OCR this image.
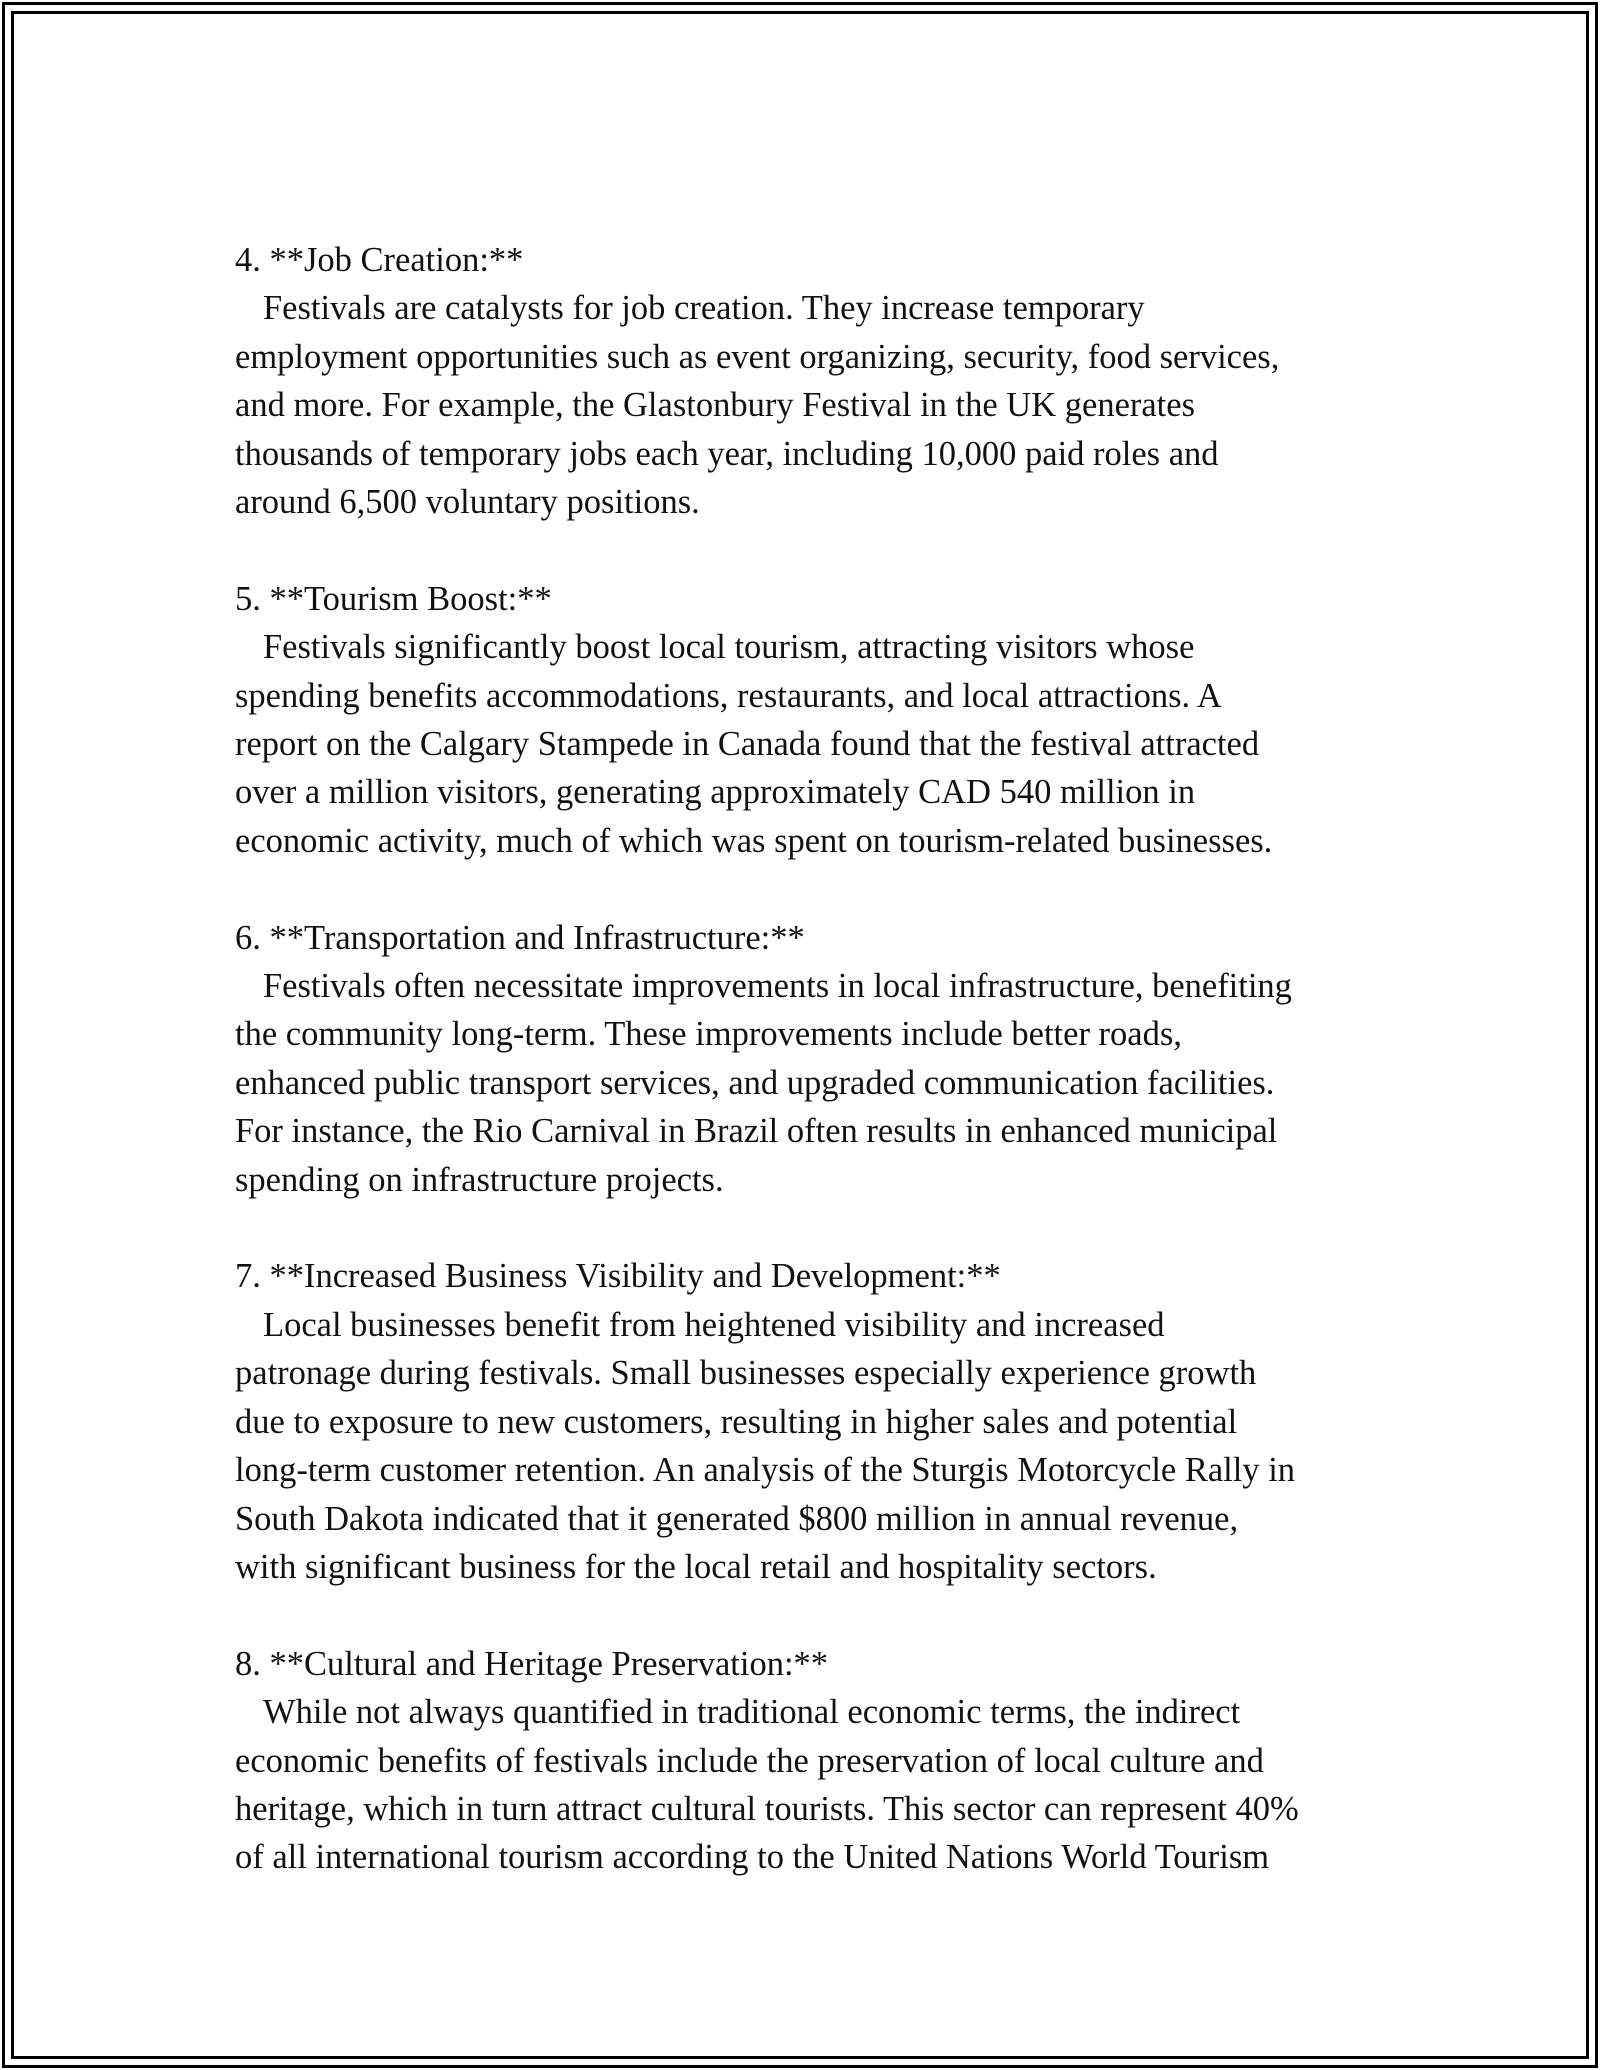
4. **Job Creation:**

Festivals are catalysts for job creation. They increase temporary
employment opportunities such as event organizing, security, food services,
and more. For example, the Glastonbury Festival in the UK generates
thousands of temporary jobs each year, including 10,000 paid roles and
around 6,500 voluntary positions.

5. **Tourism Boost:**

Festivals significantly boost local tourism, attracting visitors whose
spending benefits accommodations, restaurants, and local attractions. A
report on the Calgary Stampede in Canada found that the festival attracted
over a million visitors, generating approximately CAD 540 million in
economic activity, much of which was spent on tourism-related businesses.

6. **Transportation and Infrastructure:**

Festivals often necessitate improvements in local infrastructure, benefiting
the community long-term. These improvements include better roads,
enhanced public transport services, and upgraded communication facilities.
For instance, the Rio Carnival in Brazil often results in enhanced municipal
spending on infrastructure projects.

7. **Increased Business Visibility and Development:**

Local businesses benefit from heightened visibility and increased
patronage during festivals. Small businesses especially experience growth
due to exposure to new customers, resulting in higher sales and potential
long-term customer retention. An analysis of the Sturgis Motorcycle Rally in
South Dakota indicated that it generated $800 million in annual revenue,
with significant business for the local retail and hospitality sectors.

8. **Cultural and Heritage Preservation:**

While not always quantified in traditional economic terms, the indirect
economic benefits of festivals include the preservation of local culture and
heritage, which in turn attract cultural tourists. This sector can represent 40%
of all international tourism according to the United Nations World Tourism
